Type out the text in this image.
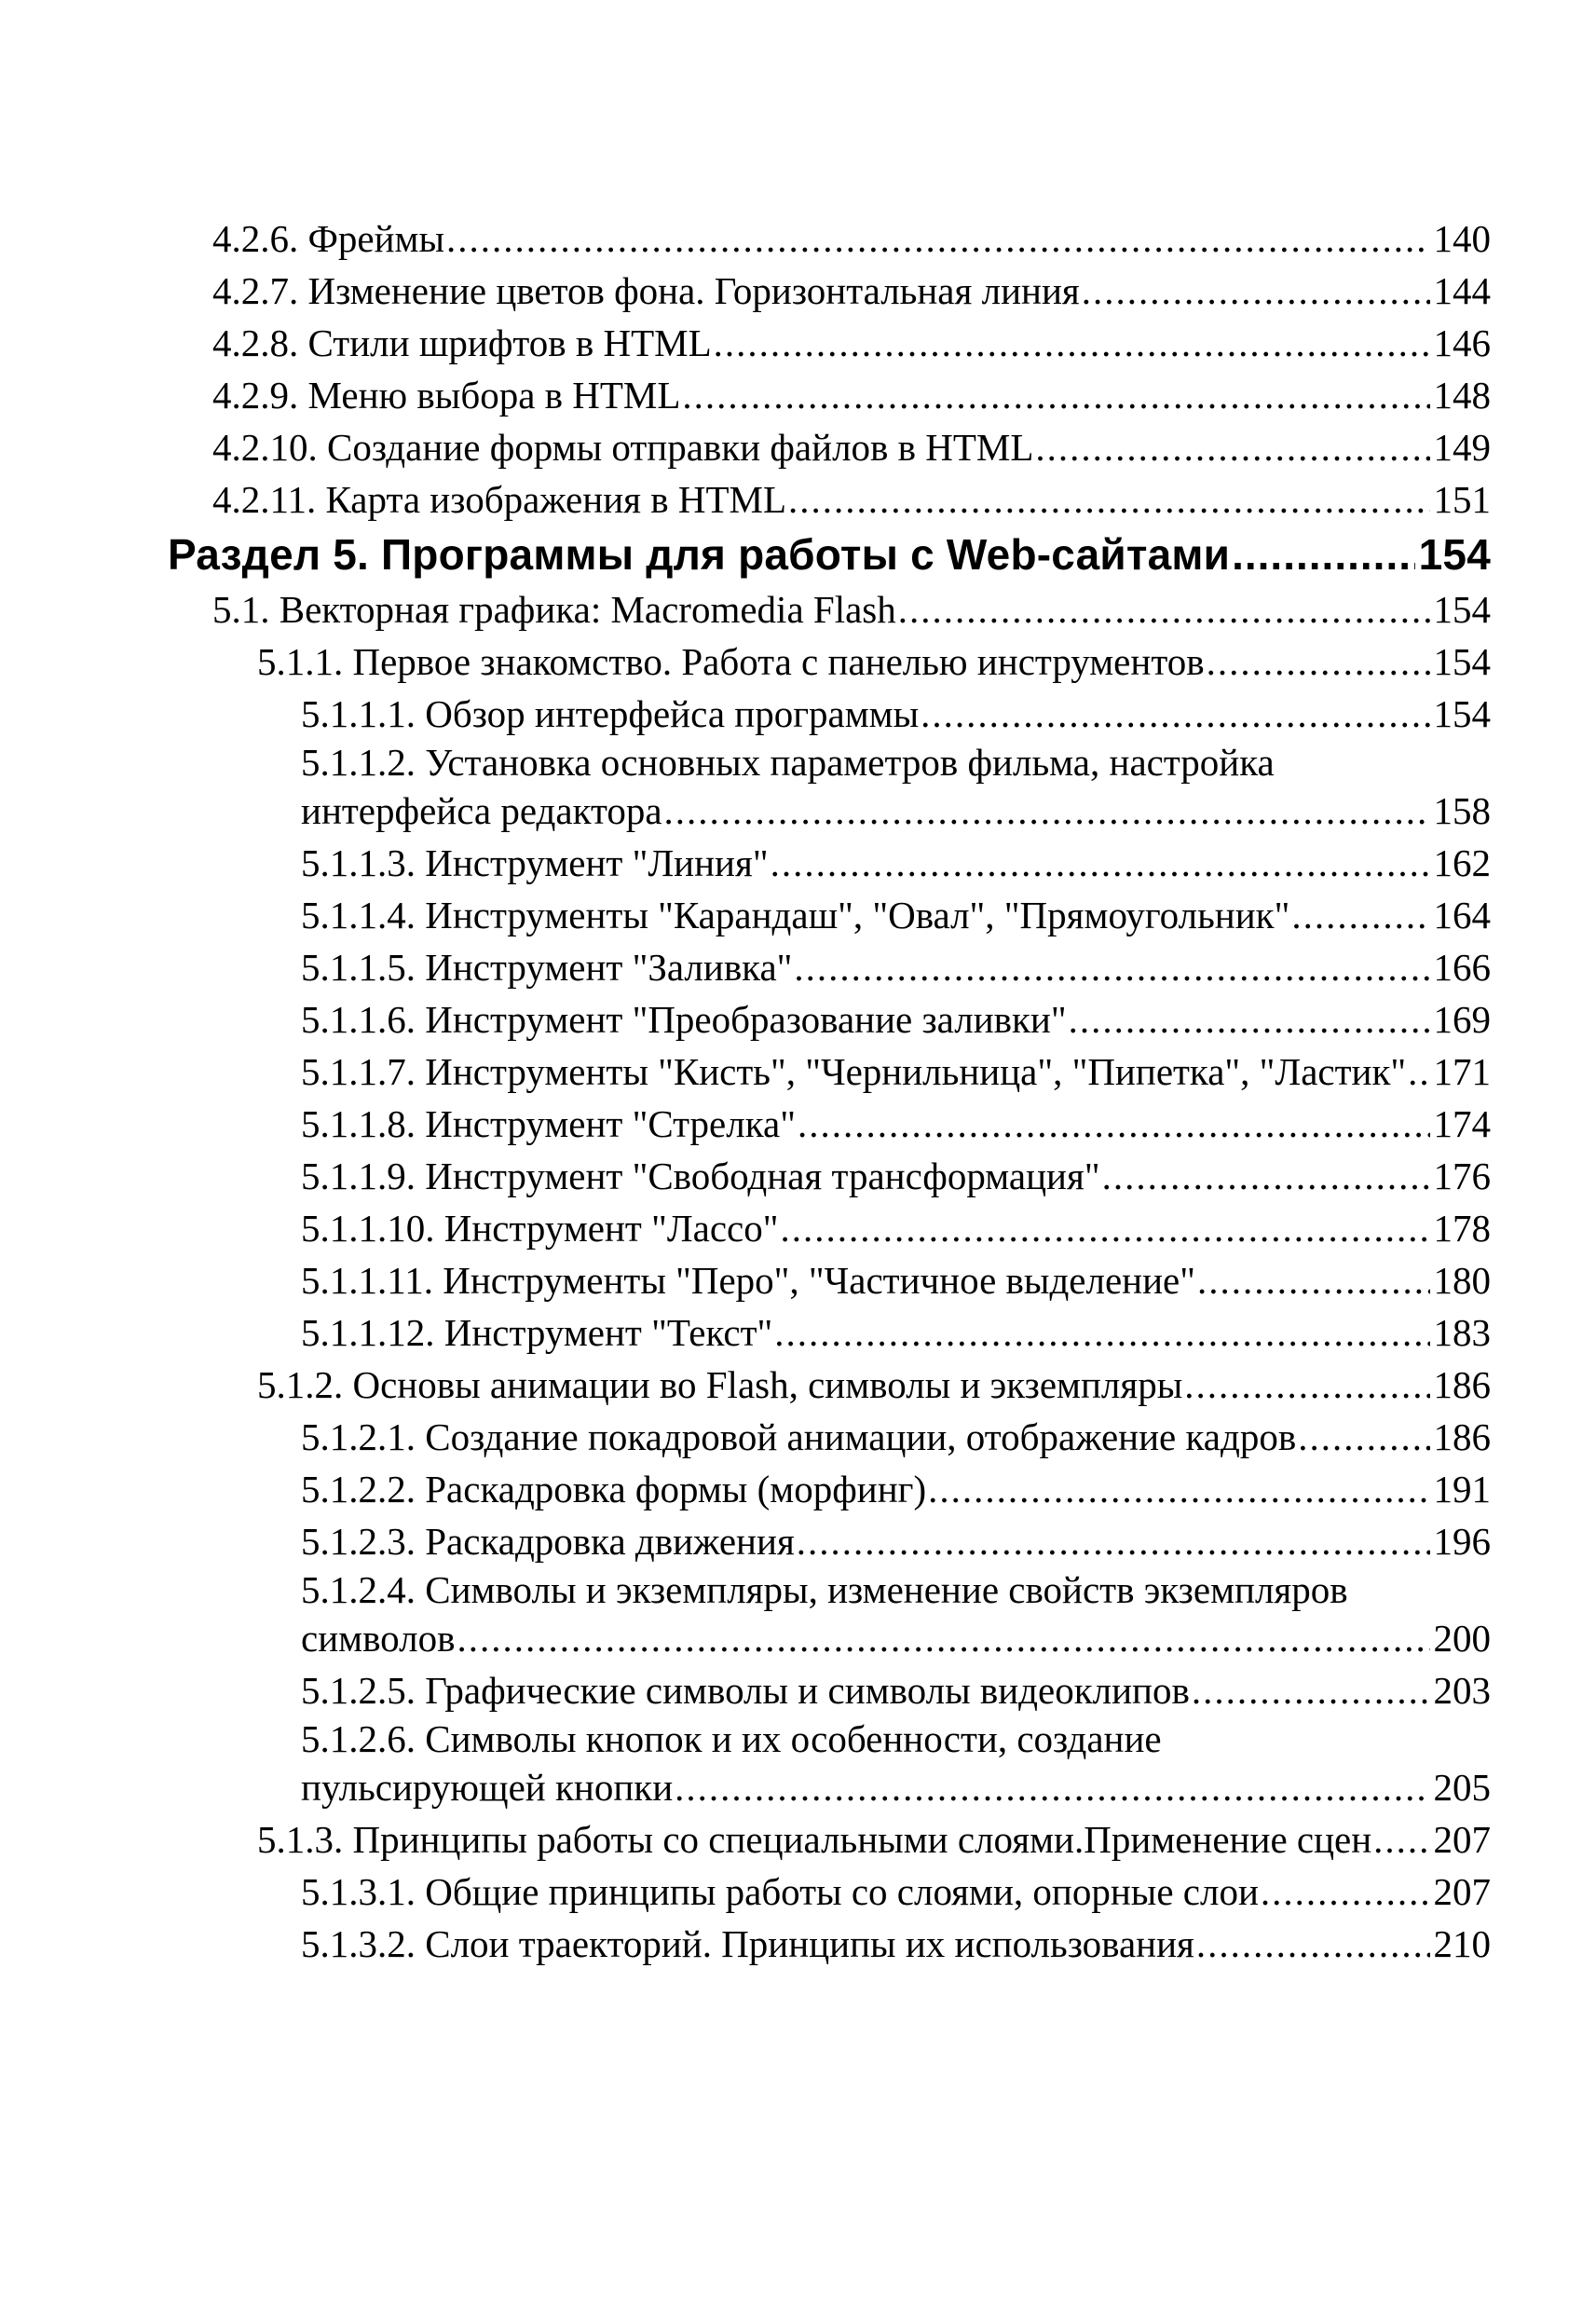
4.2.6. Фреймы .....	140
4.2.7. Изменение цветов фона. Горизонтальная линия .....	144
4.2.8. Стили шрифтов в HTML .....	146
4.2.9. Меню выбора в HTML .....	148
4.2.10. Создание формы отправки файлов в HTML .....	149
4.2.11. Карта изображения в HTML .....	151
Раздел 5. Программы для работы с Web-сайтами .....	154
5.1. Векторная графика: Macromedia Flash .....	154
5.1.1. Первое знакомство. Работа с панелью инструментов .....	154
5.1.1.1. Обзор интерфейса программы .....	154
5.1.1.2. Установка основных параметров фильма, настройка
интерфейса редактора .....	158
5.1.1.3. Инструмент "Линия" .....	162
5.1.1.4. Инструменты "Карандаш", "Овал", "Прямоугольник" .....	164
5.1.1.5. Инструмент "Заливка" .....	166
5.1.1.6. Инструмент "Преобразование заливки" .....	169
5.1.1.7. Инструменты "Кисть", "Чернильница", "Пипетка", "Ластик" ..... 171
5.1.1.8. Инструмент "Стрелка" .....	174
5.1.1.9. Инструмент "Свободная трансформация" .....	176
5.1.1.10. Инструмент "Лассо" .....	178
5.1.1.11. Инструменты "Перо", "Частичное выделение" .....	180
5.1.1.12. Инструмент "Текст" .....	183
5.1.2. Основы анимации во Flash, символы и экземпляры .....	186
5.1.2.1. Создание покадровой анимации, отображение кадров .....	186
5.1.2.2. Раскадровка формы (морфинг) .....	191
5.1.2.3. Раскадровка движения .....	196
5.1.2.4. Символы и экземпляры, изменение свойств экземпляров
символов .....	200
5.1.2.5. Графические символы и символы видеоклипов .....	203
5.1.2.6. Символы кнопок и их особенности, создание
пульсирующей кнопки .....	205
5.1.3. Принципы работы со специальными слоями.Применение сцен ..... 207
5.1.3.1. Общие принципы работы со слоями, опорные слои .....	207
5.1.3.2. Слои траекторий. Принципы их использования .....	210
